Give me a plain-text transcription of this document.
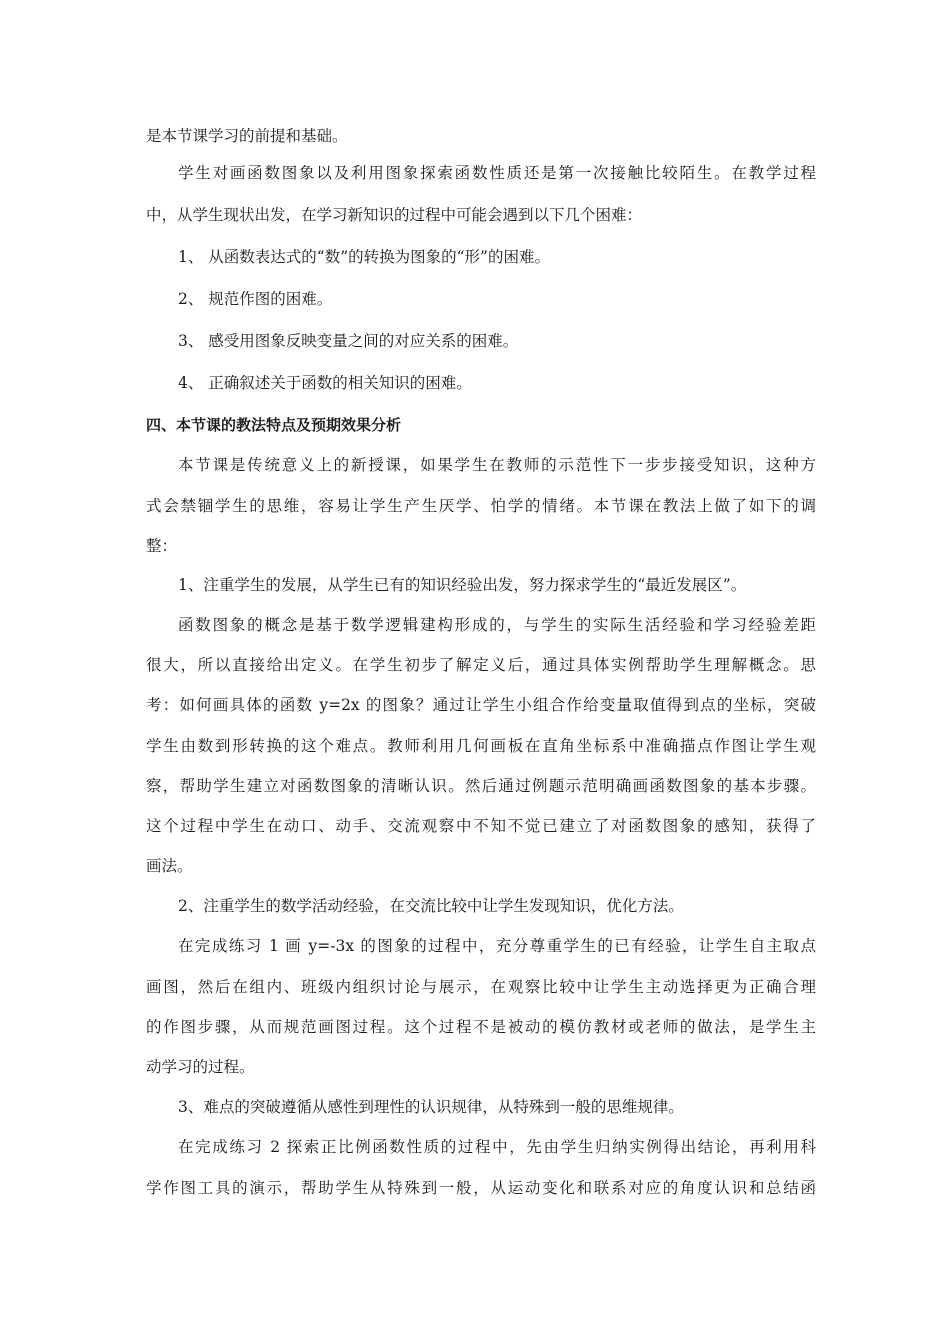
是本节课学习的前提和基础。
学生对画函数图象以及利用图象探索函数性质还是第一次接触比较陌生。在教学过程
中，从学生现状出发，在学习新知识的过程中可能会遇到以下几个困难：
1、 从函数表达式的“数”的转换为图象的“形”的困难。
2、 规范作图的困难。
3、 感受用图象反映变量之间的对应关系的困难。
4、 正确叙述关于函数的相关知识的困难。
四、本节课的教法特点及预期效果分析
本节课是传统意义上的新授课，如果学生在教师的示范性下一步步接受知识，这种方
式会禁锢学生的思维，容易让学生产生厌学、怕学的情绪。本节课在教法上做了如下的调
整：
1、注重学生的发展，从学生已有的知识经验出发，努力探求学生的“最近发展区”。
函数图象的概念是基于数学逻辑建构形成的，与学生的实际生活经验和学习经验差距
很大，所以直接给出定义。在学生初步了解定义后，通过具体实例帮助学生理解概念。思
考：如何画具体的函数 y=2x 的图象？通过让学生小组合作给变量取值得到点的坐标，突破
学生由数到形转换的这个难点。教师利用几何画板在直角坐标系中准确描点作图让学生观
察，帮助学生建立对函数图象的清晰认识。然后通过例题示范明确画函数图象的基本步骤。
这个过程中学生在动口、动手、交流观察中不知不觉已建立了对函数图象的感知，获得了
画法。
2、注重学生的数学活动经验，在交流比较中让学生发现知识，优化方法。
在完成练习 1 画 y=-3x 的图象的过程中，充分尊重学生的已有经验，让学生自主取点
画图，然后在组内、班级内组织讨论与展示，在观察比较中让学生主动选择更为正确合理
的作图步骤，从而规范画图过程。这个过程不是被动的模仿教材或老师的做法，是学生主
动学习的过程。
3、难点的突破遵循从感性到理性的认识规律，从特殊到一般的思维规律。
在完成练习 2 探索正比例函数性质的过程中，先由学生归纳实例得出结论，再利用科
学作图工具的演示，帮助学生从特殊到一般，从运动变化和联系对应的角度认识和总结函
